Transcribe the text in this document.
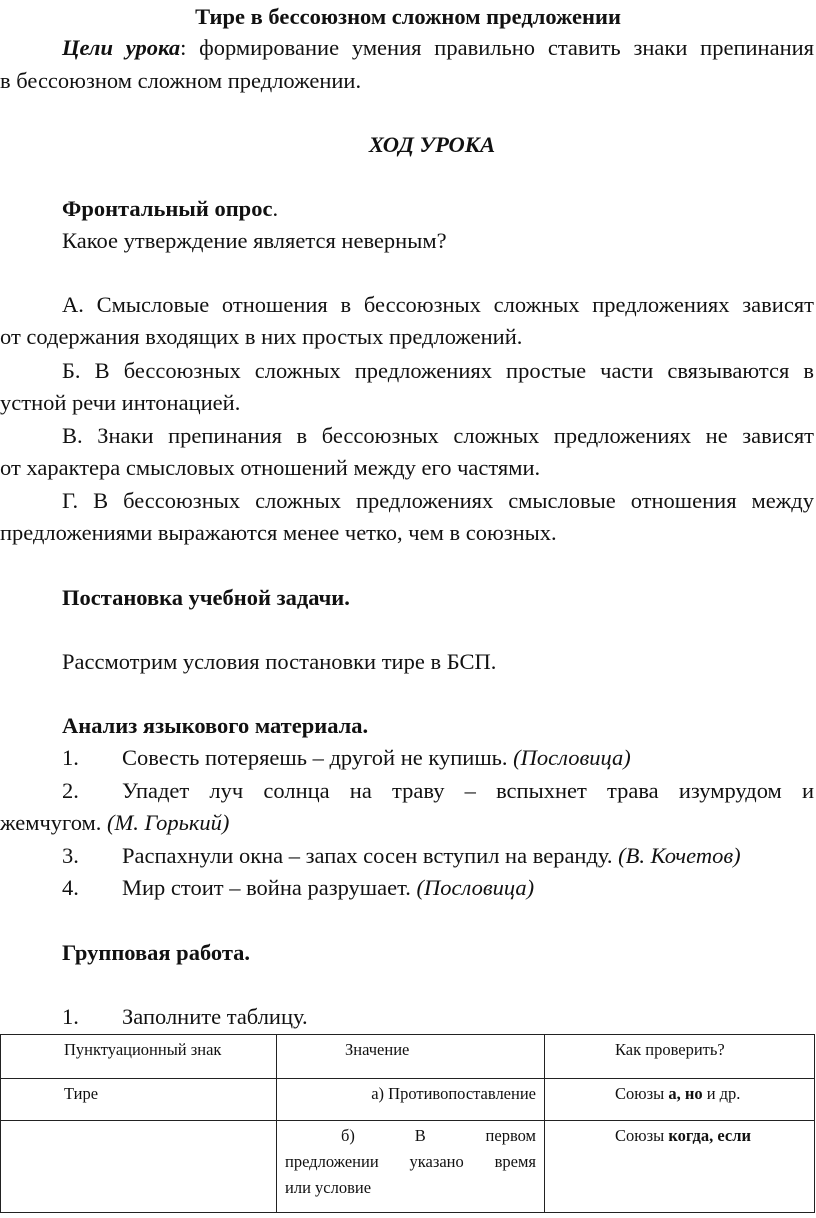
Тире в бессоюзном сложном предложении
Цели урока: формирование умения правильно ставить знаки препинания
в бессоюзном сложном предложении.
ХОД УРОКА
Фронтальный опрос.
Какое утверждение является неверным?
А. Смысловые отношения в бессоюзных сложных предложениях зависят
от содержания входящих в них простых предложений.
Б. В бессоюзных сложных предложениях простые части связываются в
устной речи интонацией.
В. Знаки препинания в бессоюзных сложных предложениях не зависят
от характера смысловых отношений между его частями.
Г. В бессоюзных сложных предложениях смысловые отношения между
предложениями выражаются менее четко, чем в союзных.
Постановка учебной задачи.
Рассмотрим условия постановки тире в БСП.
Анализ языкового материала.
1. Совесть потеряешь – другой не купишь. (Пословица)
2. Упадет луч солнца на траву – вспыхнет трава изумрудом и
жемчугом. (М. Горький)
3. Распахнули окна – запах сосен вступил на веранду. (В. Кочетов)
4. Мир стоит – война разрушает. (Пословица)
Групповая работа.
1. Заполните таблицу.
Пунктуационный знак	Значение	Как проверить?
Тире	а) Противопоставление	Союзы а, но и др.

	б) В первом
предложении указано время
или условие	Союзы когда, если
